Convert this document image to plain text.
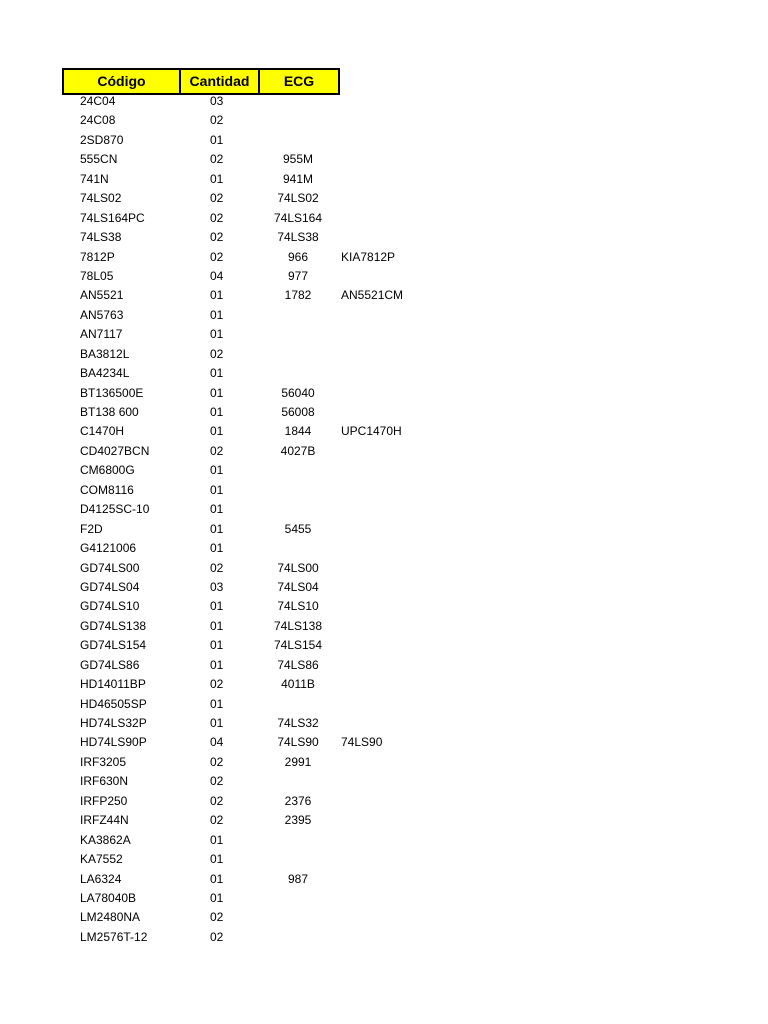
Código	Cantidad	ECG
24C04	03
24C08	02
2SD870	01
555CN	02	955M
741N	01	941M
74LS02	02	74LS02
74LS164PC	02	74LS164
74LS38	02	74LS38
7812P	02	966	KIA7812P
78L05	04	977
AN5521	01	1782	AN5521CM
AN5763	01
AN7117	01
BA3812L	02
BA4234L	01
BT136500E	01	56040
BT138 600	01	56008
C1470H	01	1844	UPC1470H
CD4027BCN	02	4027B
CM6800G	01
COM8116	01
D4125SC-10	01
F2D	01	5455
G4121006	01
GD74LS00	02	74LS00
GD74LS04	03	74LS04
GD74LS10	01	74LS10
GD74LS138	01	74LS138
GD74LS154	01	74LS154
GD74LS86	01	74LS86
HD14011BP	02	4011B
HD46505SP	01
HD74LS32P	01	74LS32
HD74LS90P	04	74LS90	74LS90
IRF3205	02	2991
IRF630N	02
IRFP250	02	2376
IRFZ44N	02	2395
KA3862A	01
KA7552	01
LA6324	01	987
LA78040B	01
LM2480NA	02
LM2576T-12	02
